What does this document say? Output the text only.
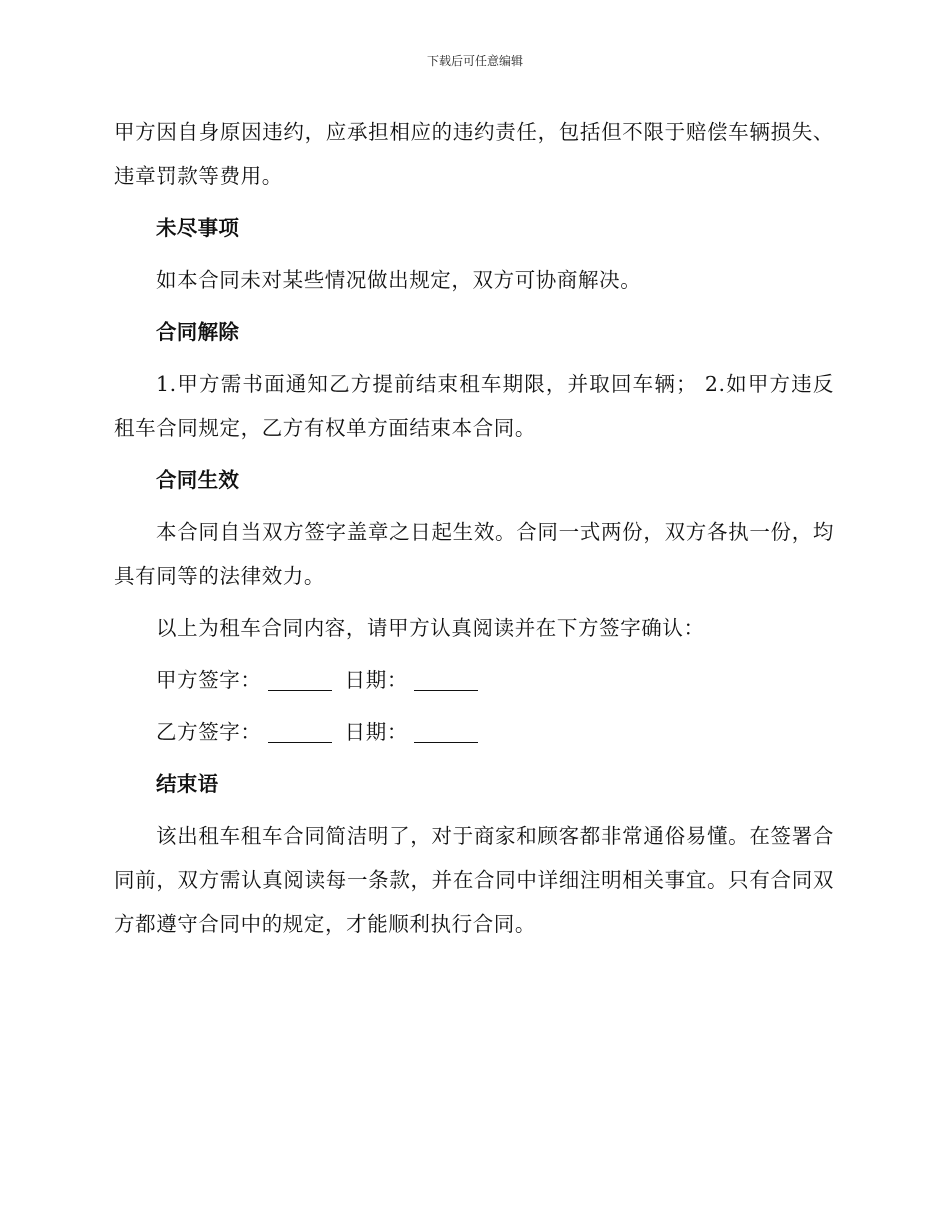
下载后可任意编辑

甲方因自身原因违约，应承担相应的违约责任，包括但不限于赔偿车辆损失、违章罚款等费用。

未尽事项

如本合同未对某些情况做出规定，双方可协商解决。

合同解除

1.甲方需书面通知乙方提前结束租车期限，并取回车辆； 2.如甲方违反租车合同规定，乙方有权单方面结束本合同。

合同生效

本合同自当双方签字盖章之日起生效。合同一式两份，双方各执一份，均具有同等的法律效力。

以上为租车合同内容，请甲方认真阅读并在下方签字确认：

甲方签字：	日期：
乙方签字：	日期：
结束语

该出租车租车合同简洁明了，对于商家和顾客都非常通俗易懂。在签署合同前，双方需认真阅读每一条款，并在合同中详细注明相关事宜。只有合同双方都遵守合同中的规定，才能顺利执行合同。
